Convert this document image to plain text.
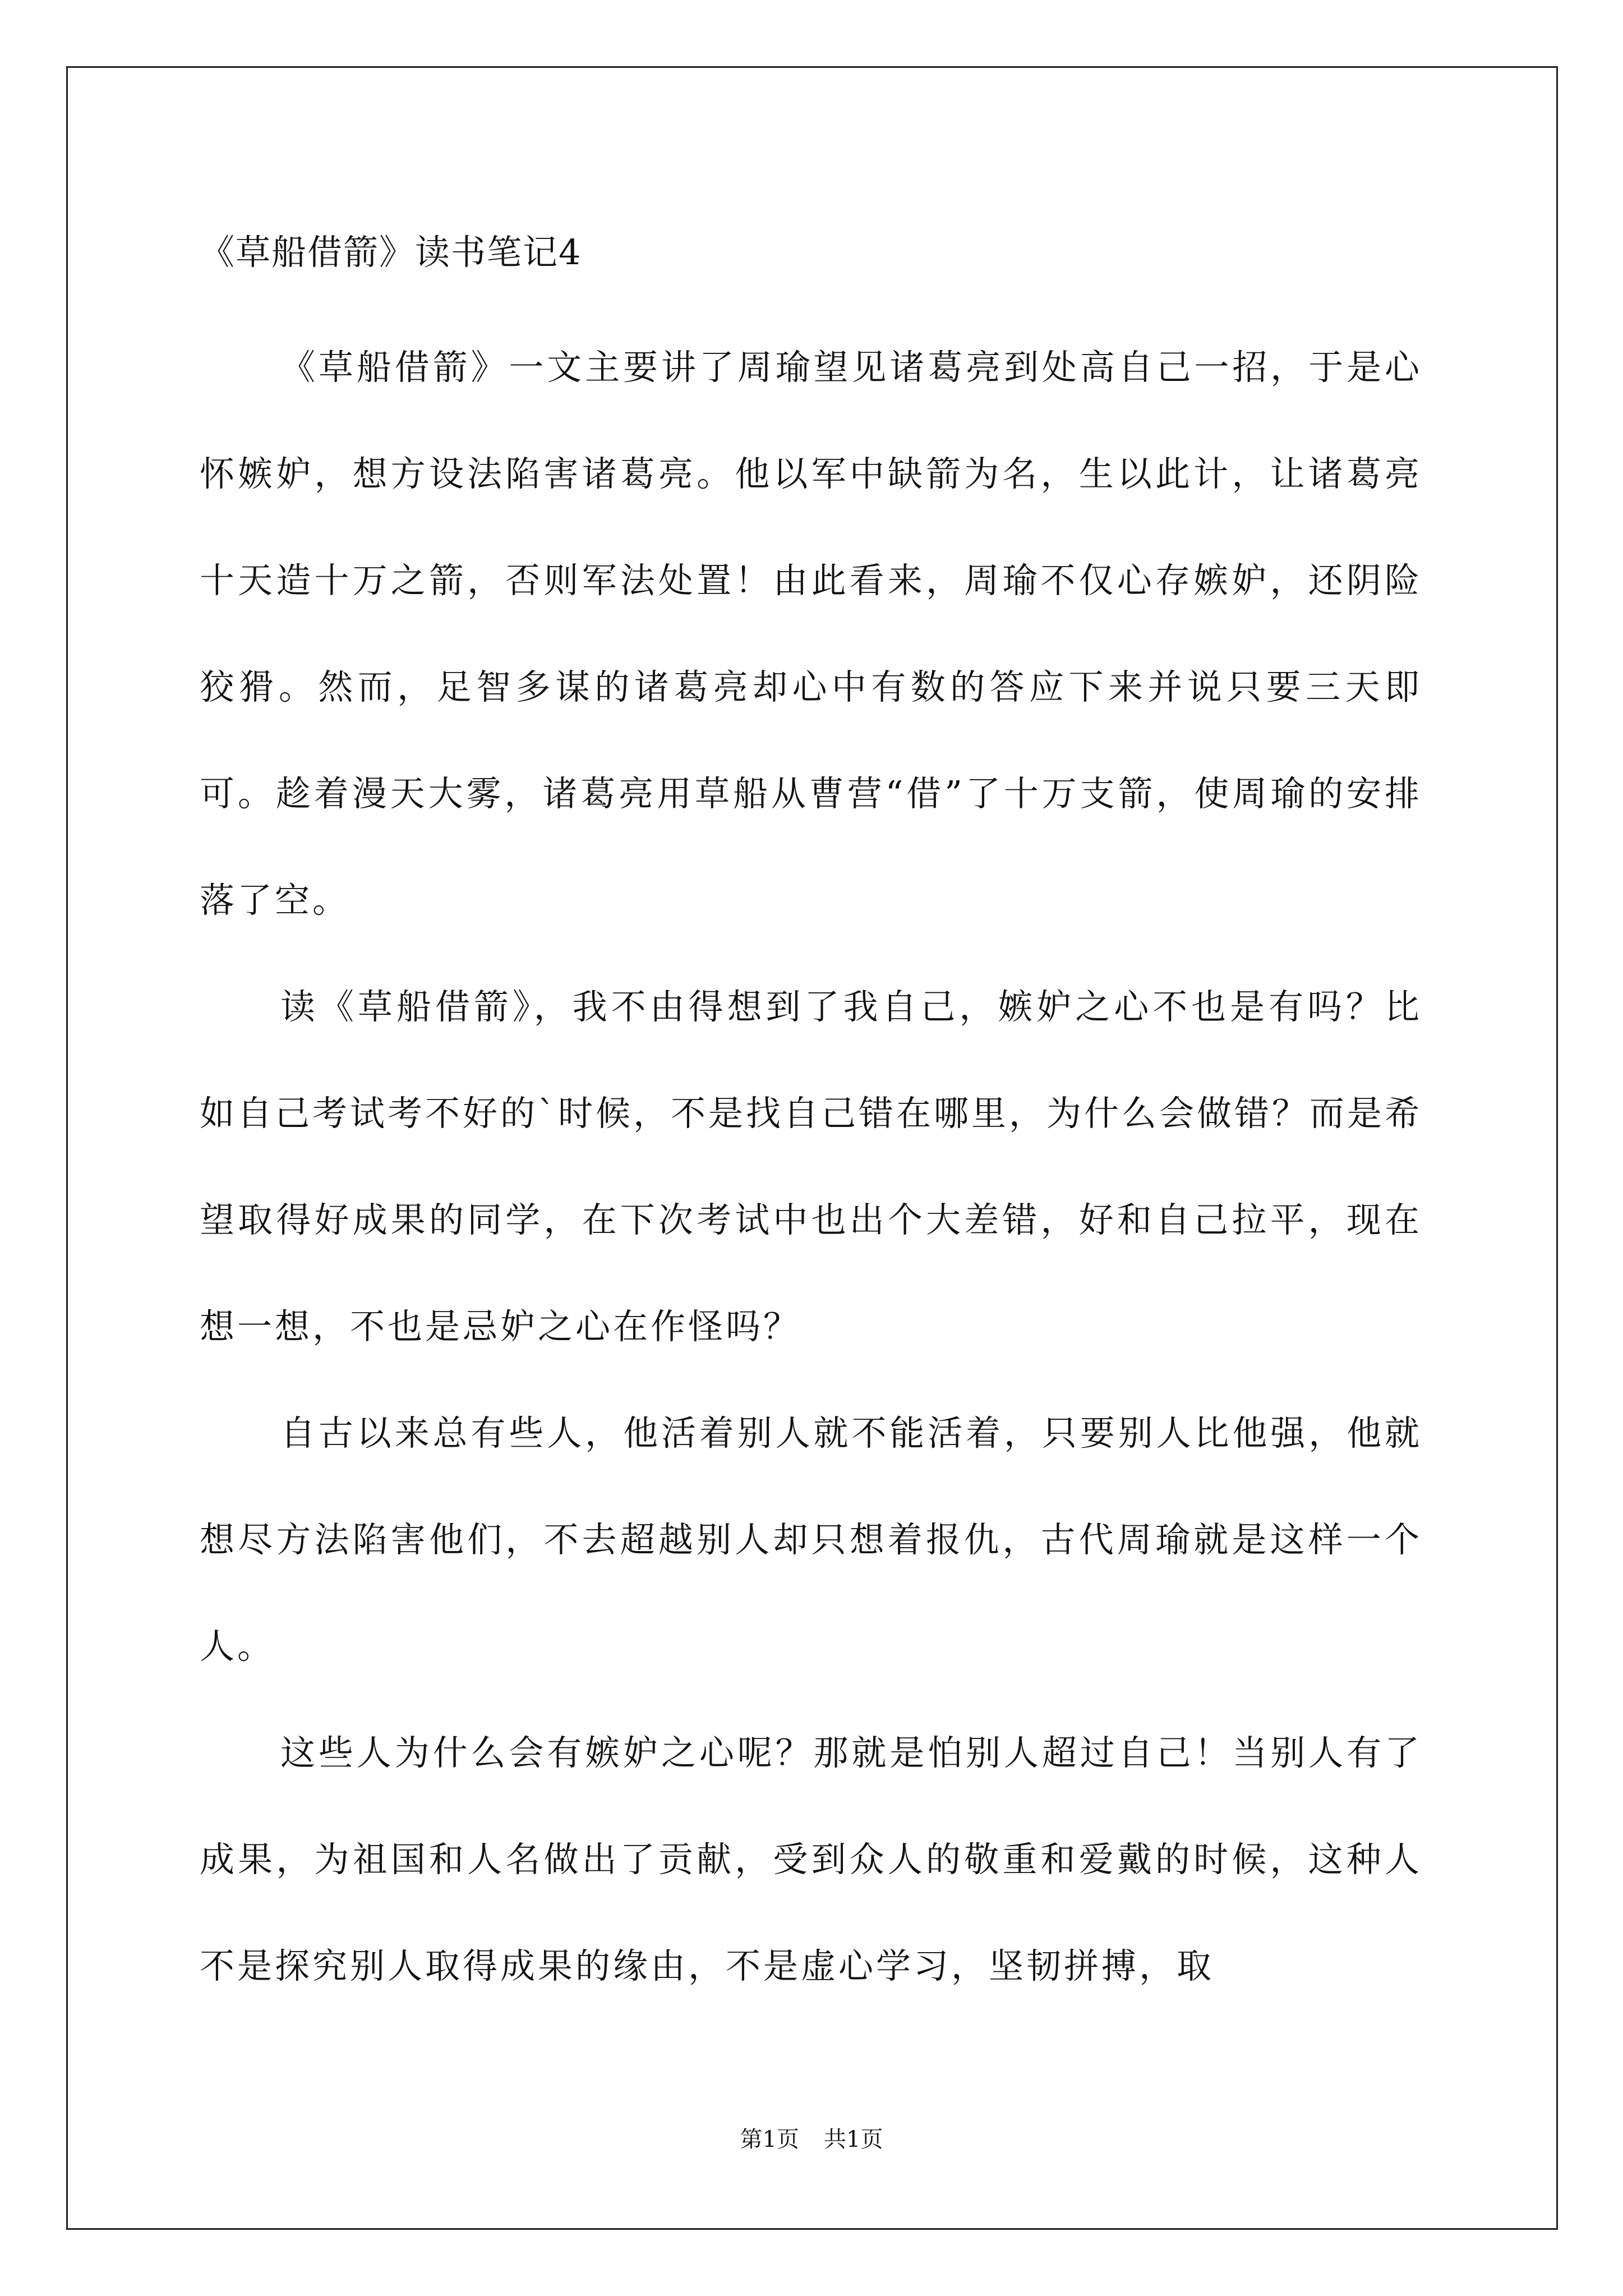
《草船借箭》读书笔记4

《草船借箭》一文主要讲了周瑜望见诸葛亮到处高自己一招，于是心怀嫉妒，想方设法陷害诸葛亮。他以军中缺箭为名，生以此计，让诸葛亮十天造十万之箭，否则军法处置！由此看来，周瑜不仅心存嫉妒，还阴险狡猾。然而，足智多谋的诸葛亮却心中有数的答应下来并说只要三天即可。趁着漫天大雾，诸葛亮用草船从曹营“借”了十万支箭，使周瑜的安排落了空。

读《草船借箭》，我不由得想到了我自己，嫉妒之心不也是有吗？比如自己考试考不好的`时候，不是找自己错在哪里，为什么会做错？而是希望取得好成果的同学，在下次考试中也出个大差错，好和自己拉平，现在想一想，不也是忌妒之心在作怪吗？

自古以来总有些人，他活着别人就不能活着，只要别人比他强，他就想尽方法陷害他们，不去超越别人却只想着报仇，古代周瑜就是这样一个人。

这些人为什么会有嫉妒之心呢？那就是怕别人超过自己！当别人有了成果，为祖国和人名做出了贡献，受到众人的敬重和爱戴的时候，这种人不是探究别人取得成果的缘由，不是虚心学习，坚韧拼搏，取

第1页 共1页
